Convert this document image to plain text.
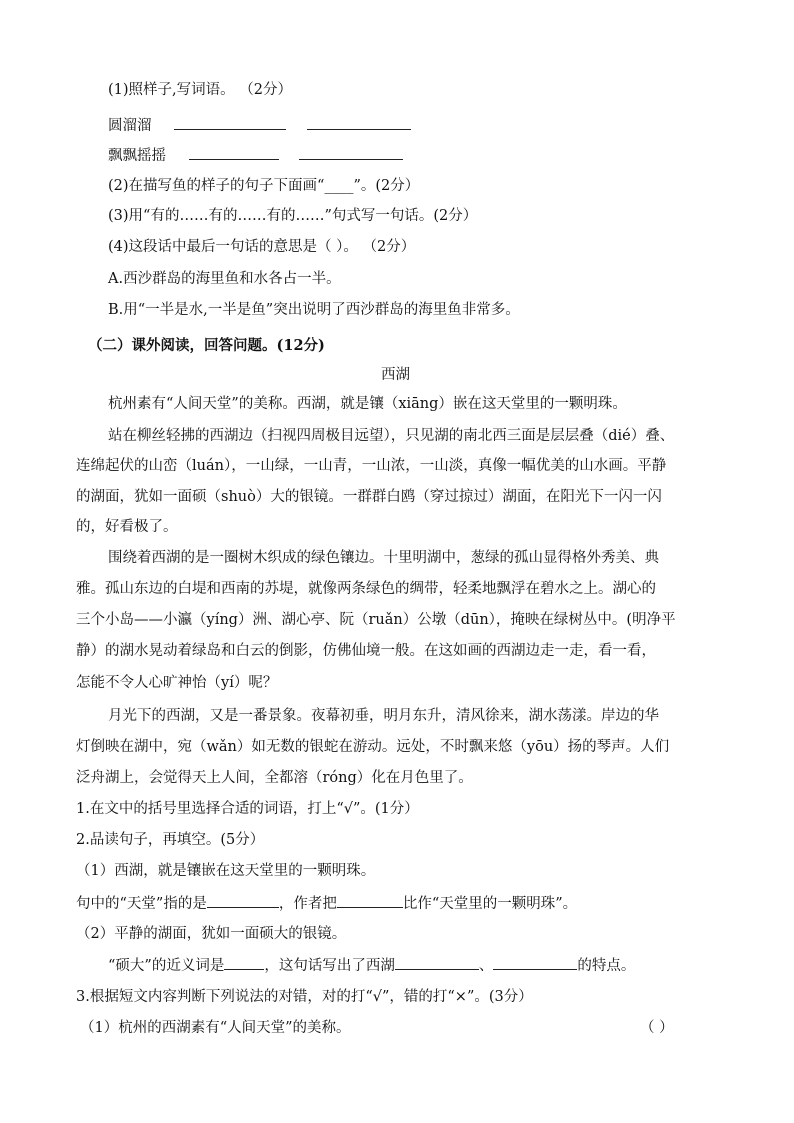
(1)照样子,写词语。 （2分）
圆溜溜
飘飘摇摇
(2)在描写鱼的样子的句子下面画“____”。(2分）
(3)用“有的……有的……有的……”句式写一句话。(2分）
(4)这段话中最后一句话的意思是（ ）。 （2分）
A.西沙群岛的海里鱼和水各占一半。
B.用“一半是水,一半是鱼”突出说明了西沙群岛的海里鱼非常多。
（二）课外阅读，回答问题。(12分)
西湖
杭州素有“人间天堂”的美称。西湖，就是镶（xiāng）嵌在这天堂里的一颗明珠。
站在柳丝轻拂的西湖边（扫视四周极目远望），只见湖的南北西三面是层层叠（dié）叠、
连绵起伏的山峦（luán），一山绿，一山青，一山浓，一山淡，真像一幅优美的山水画。平静
的湖面，犹如一面硕（shuò）大的银镜。一群群白鸥（穿过掠过）湖面，在阳光下一闪一闪
的，好看极了。
围绕着西湖的是一圈树木织成的绿色镶边。十里明湖中，葱绿的孤山显得格外秀美、典
雅。孤山东边的白堤和西南的苏堤，就像两条绿色的绸带，轻柔地飘浮在碧水之上。湖心的
三个小岛——小瀛（yíng）洲、湖心亭、阮（ruǎn）公墩（dūn），掩映在绿树丛中。(明净平
静）的湖水晃动着绿岛和白云的倒影，仿佛仙境一般。在这如画的西湖边走一走，看一看，
怎能不令人心旷神怡（yí）呢？
月光下的西湖，又是一番景象。夜幕初垂，明月东升，清风徐来，湖水荡漾。岸边的华
灯倒映在湖中，宛（wǎn）如无数的银蛇在游动。远处，不时飘来悠（yōu）扬的琴声。人们
泛舟湖上，会觉得天上人间，全都溶（róng）化在月色里了。
1.在文中的括号里选择合适的词语，打上“√”。(1分）
2.品读句子，再填空。(5分）
（1）西湖，就是镶嵌在这天堂里的一颗明珠。
句中的“天堂”指的是	，作者把	比作“天堂里的一颗明珠”。
（2）平静的湖面，犹如一面硕大的银镜。
“硕大”的近义词是	，这句话写出了西湖	、	的特点。
3.根据短文内容判断下列说法的对错，对的打“√”，错的打“×”。(3分）
（1）杭州的西湖素有“人间天堂”的美称。	（ ）
